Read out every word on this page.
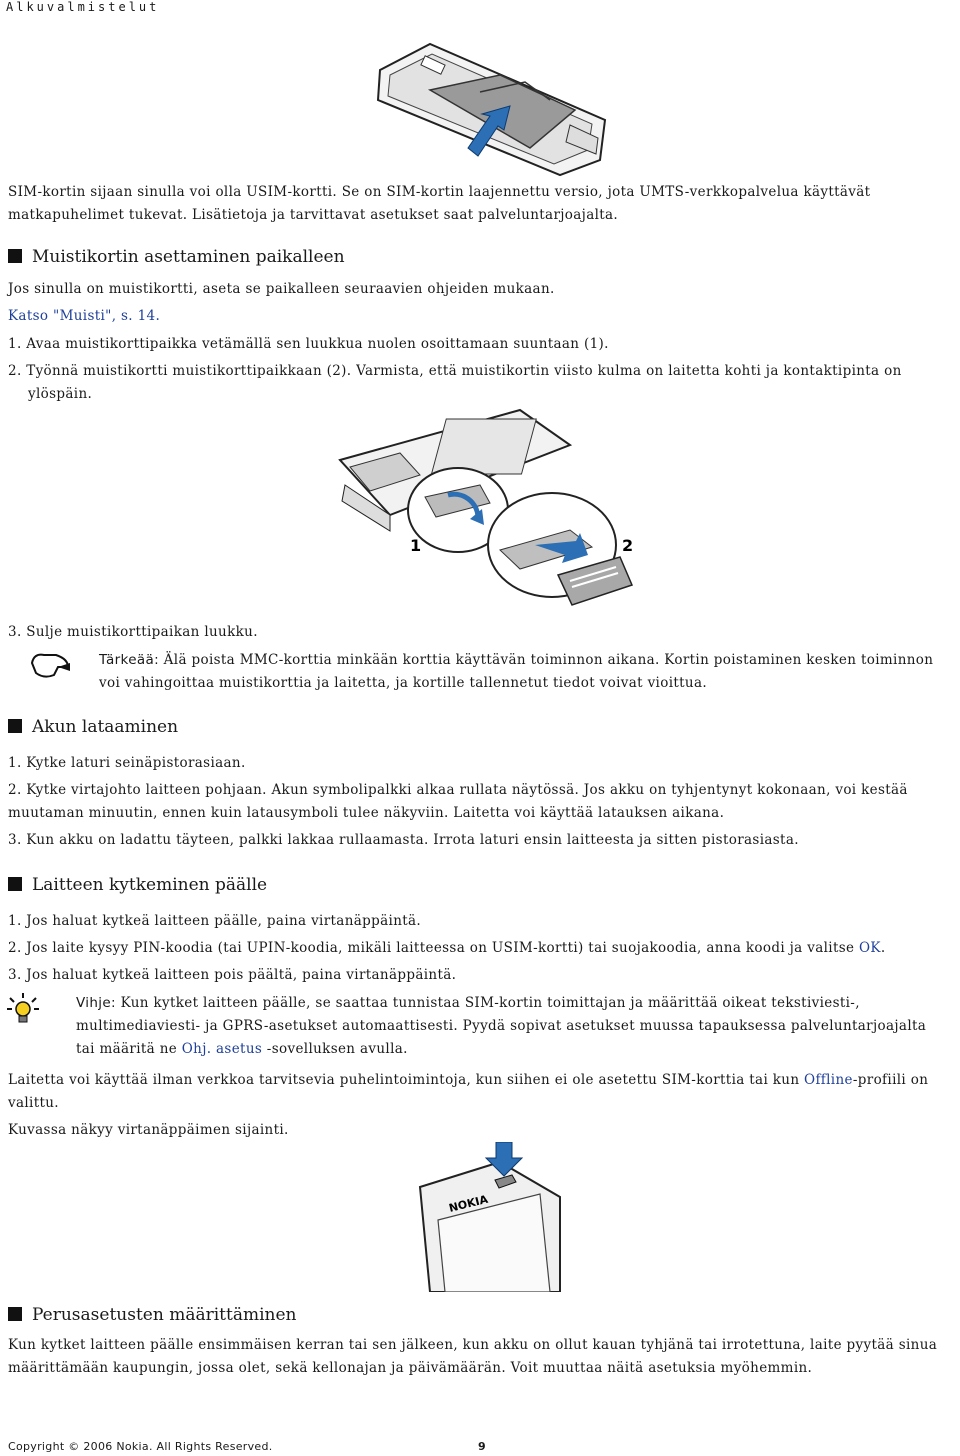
Alkuvalmistelut
SIM-kortin sijaan sinulla voi olla USIM-kortti. Se on SIM-kortin laajennettu versio, jota UMTS-verkkopalvelua käyttävät matkapuhelimet tukevat. Lisätietoja ja tarvittavat asetukset saat palveluntarjoajalta.
Muistikortin asettaminen paikalleen
Jos sinulla on muistikortti, aseta se paikalleen seuraavien ohjeiden mukaan.
Katso "Muisti", s. 14.
1. Avaa muistikorttipaikka vetämällä sen luukkua nuolen osoittamaan suuntaan (1).
2. Työnnä muistikortti muistikorttipaikkaan (2). Varmista, että muistikortin viisto kulma on laitetta kohti ja kontaktipinta on ylöspäin.
1	2
3. Sulje muistikorttipaikan luukku.
Tärkeää: Älä poista MMC-korttia minkään korttia käyttävän toiminnon aikana. Kortin poistaminen kesken toiminnon voi vahingoittaa muistikorttia ja laitetta, ja kortille tallennetut tiedot voivat vioittua.
Akun lataaminen
1. Kytke laturi seinäpistorasiaan.
2. Kytke virtajohto laitteen pohjaan. Akun symbolipalkki alkaa rullata näytössä. Jos akku on tyhjentynyt kokonaan, voi kestää muutaman minuutin, ennen kuin latausymboli tulee näkyviin. Laitetta voi käyttää latauksen aikana.
3. Kun akku on ladattu täyteen, palkki lakkaa rullaamasta. Irrota laturi ensin laitteesta ja sitten pistorasiasta.
Laitteen kytkeminen päälle
1. Jos haluat kytkeä laitteen päälle, paina virtanäppäintä.
2. Jos laite kysyy PIN-koodia (tai UPIN-koodia, mikäli laitteessa on USIM-kortti) tai suojakoodia, anna koodi ja valitse OK.
3. Jos haluat kytkeä laitteen pois päältä, paina virtanäppäintä.
Vihje: Kun kytket laitteen päälle, se saattaa tunnistaa SIM-kortin toimittajan ja määrittää oikeat tekstiviesti-, multimediaviesti- ja GPRS-asetukset automaattisesti. Pyydä sopivat asetukset muussa tapauksessa palveluntarjoajalta tai määritä ne Ohj. asetus -sovelluksen avulla.
Laitetta voi käyttää ilman verkkoa tarvitsevia puhelintoimintoja, kun siihen ei ole asetettu SIM-korttia tai kun Offline-profiili on valittu.
Kuvassa näkyy virtanäppäimen sijainti.
NOKIA
Perusasetusten määrittäminen
Kun kytket laitteen päälle ensimmäisen kerran tai sen jälkeen, kun akku on ollut kauan tyhjänä tai irrotettuna, laite pyytää sinua määrittämään kaupungin, jossa olet, sekä kellonajan ja päivämäärän. Voit muuttaa näitä asetuksia myöhemmin.
Copyright © 2006 Nokia. All Rights Reserved.	9
